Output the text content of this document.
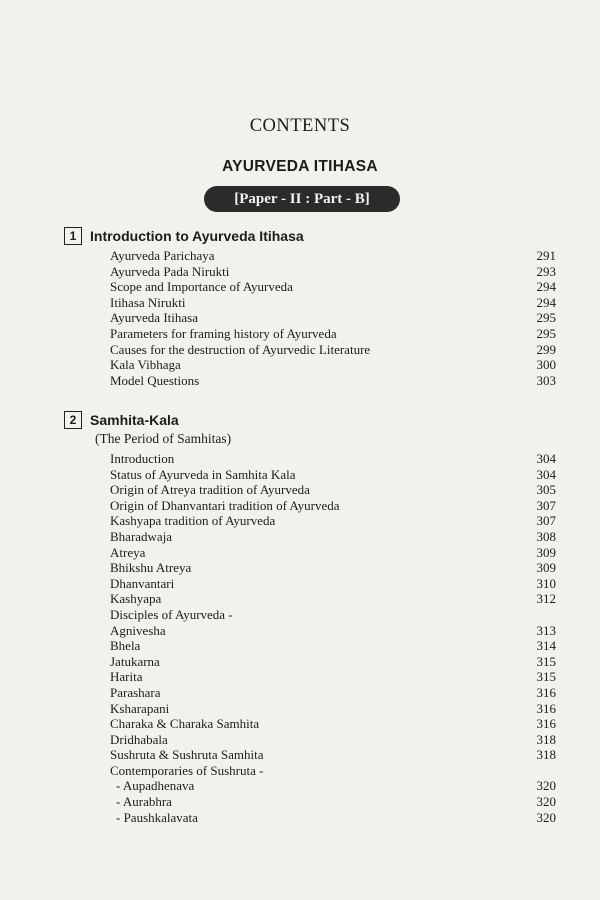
CONTENTS
AYURVEDA ITIHASA
[Paper - II : Part - B]
1 Introduction to Ayurveda Itihasa
Ayurveda Parichaya	291
Ayurveda Pada Nirukti	293
Scope and Importance of Ayurveda	294
Itihasa Nirukti	294
Ayurveda Itihasa	295
Parameters for framing history of Ayurveda	295
Causes for the destruction of Ayurvedic Literature	299
Kala Vibhaga	300
Model Questions	303
2 Samhita-Kala
(The Period of Samhitas)
Introduction	304
Status of Ayurveda in Samhita Kala	304
Origin of Atreya tradition of Ayurveda	305
Origin of Dhanvantari tradition of Ayurveda	307
Kashyapa tradition of Ayurveda	307
Bharadwaja	308
Atreya	309
Bhikshu Atreya	309
Dhanvantari	310
Kashyapa	312
Disciples of Ayurveda -
Agnivesha	313
Bhela	314
Jatukarna	315
Harita	315
Parashara	316
Ksharapani	316
Charaka & Charaka Samhita	316
Dridhabala	318
Sushruta & Sushruta Samhita	318
Contemporaries of Sushruta -
- Aupadhenava	320
- Aurabhra	320
- Paushkalavata	320
